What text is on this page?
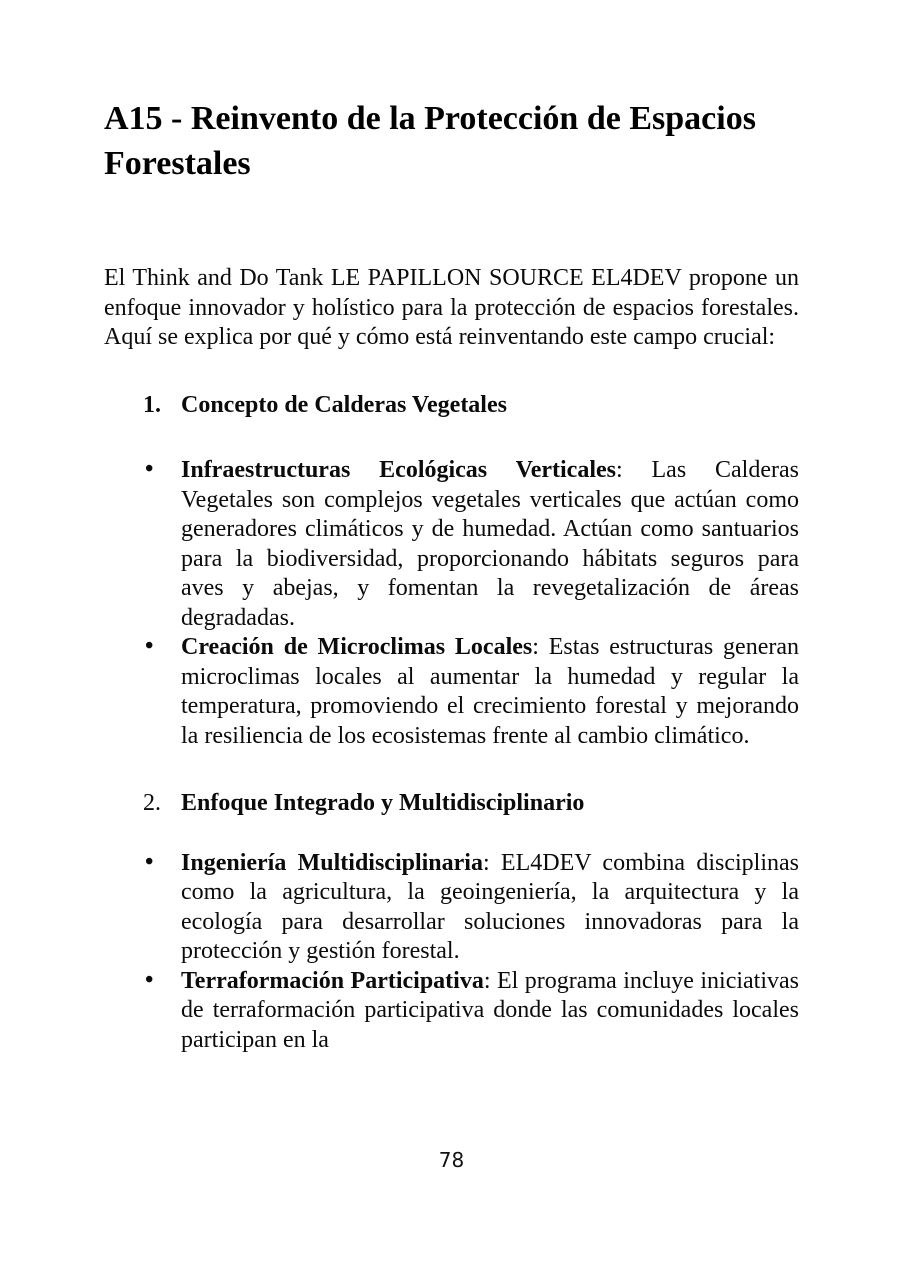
A15 - Reinvento de la Protección de Espacios Forestales

El Think and Do Tank LE PAPILLON SOURCE EL4DEV propone un enfoque innovador y holístico para la protección de espacios forestales. Aquí se explica por qué y cómo está reinventando este campo crucial:

1. Concepto de Calderas Vegetales
• Infraestructuras Ecológicas Verticales: Las Calderas Vegetales son complejos vegetales verticales que actúan como generadores climáticos y de humedad. Actúan como santuarios para la biodiversidad, proporcionando hábitats seguros para aves y abejas, y fomentan la revegetalización de áreas degradadas.
• Creación de Microclimas Locales: Estas estructuras generan microclimas locales al aumentar la humedad y regular la temperatura, promoviendo el crecimiento forestal y mejorando la resiliencia de los ecosistemas frente al cambio climático.
2. Enfoque Integrado y Multidisciplinario
• Ingeniería Multidisciplinaria: EL4DEV combina disciplinas como la agricultura, la geoingeniería, la arquitectura y la ecología para desarrollar soluciones innovadoras para la protección y gestión forestal.
• Terraformación Participativa: El programa incluye iniciativas de terraformación participativa donde las comunidades locales participan en la
78
